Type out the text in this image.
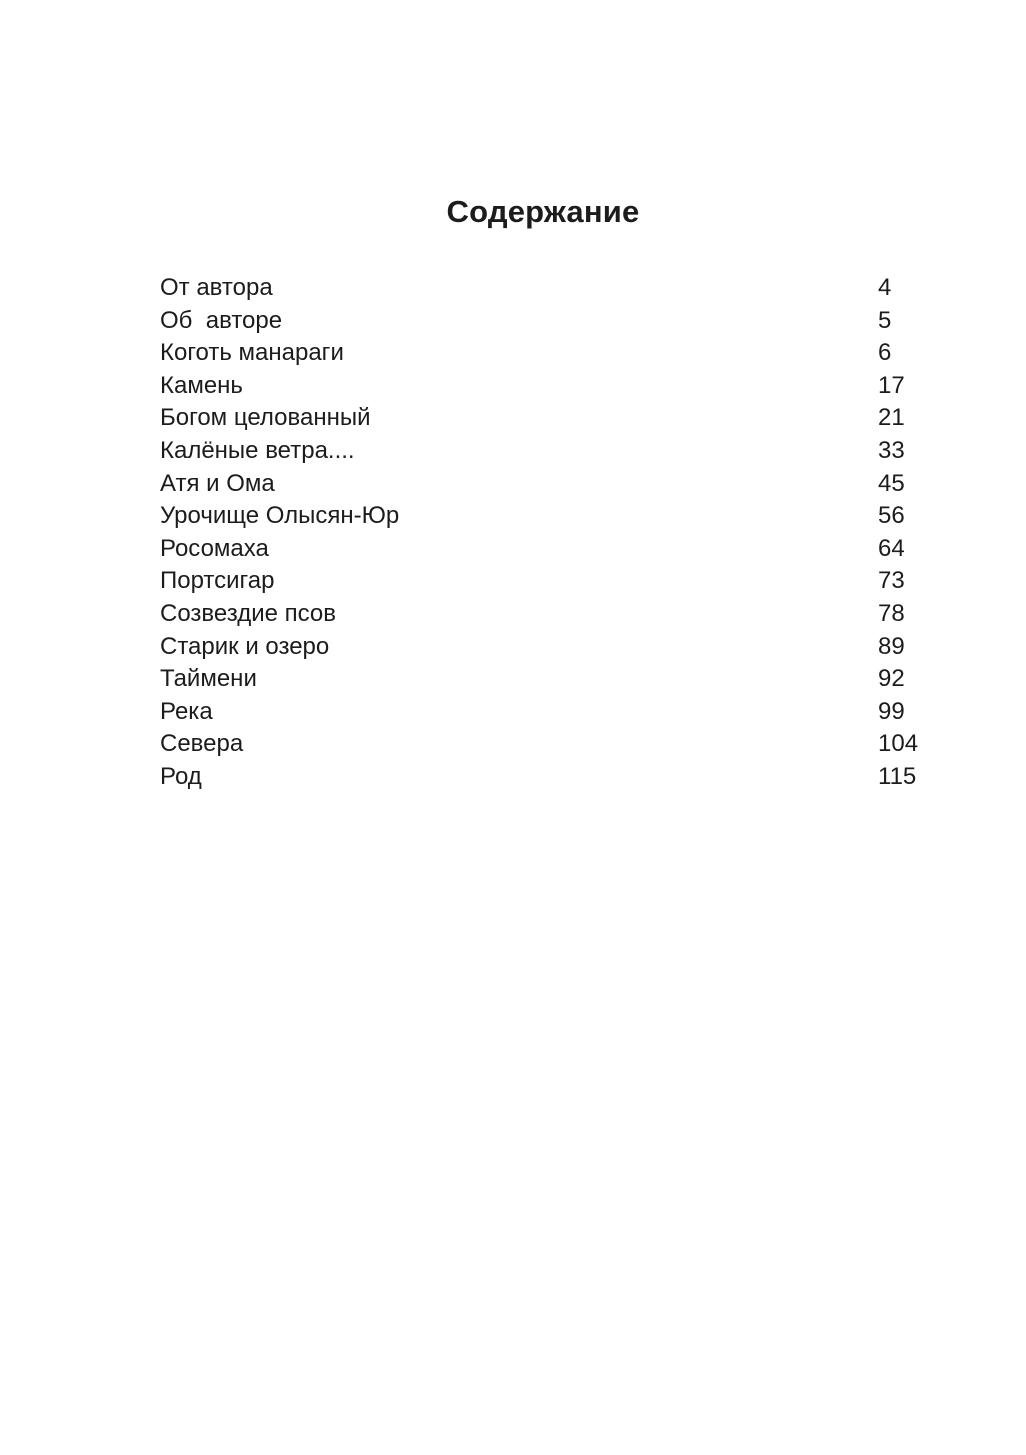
Содержание
От автора	4
Об  авторе	5
Коготь манараги	6
Камень	17
Богом целованный	21
Калёные ветра....	33
Атя и Ома	45
Урочище Олысян-Юр	56
Росомаха	64
Портсигар	73
Созвездие псов	78
Старик и озеро	89
Таймени	92
Река	99
Севера	104
Род	115
